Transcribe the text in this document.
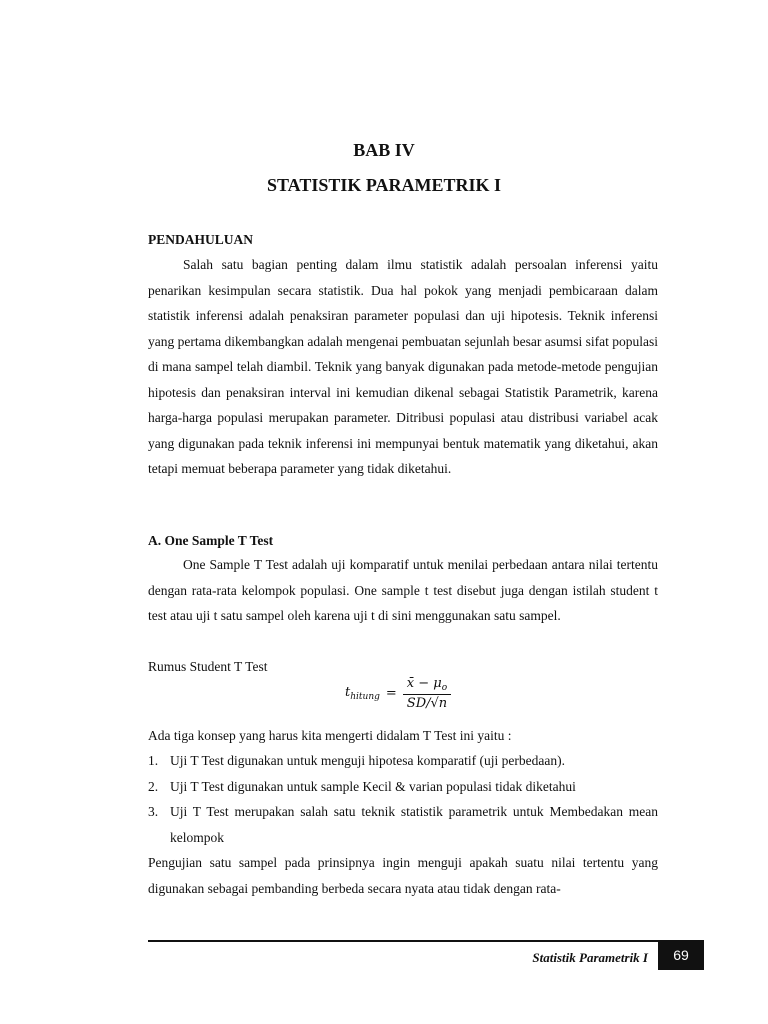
BAB IV
STATISTIK PARAMETRIK I
PENDAHULUAN

Salah satu bagian penting dalam ilmu statistik adalah persoalan inferensi yaitu penarikan kesimpulan secara statistik. Dua hal pokok yang menjadi pembicaraan dalam statistik inferensi adalah penaksiran parameter populasi dan uji hipotesis. Teknik inferensi yang pertama dikembangkan adalah mengenai pembuatan sejunlah besar asumsi sifat populasi di mana sampel telah diambil. Teknik yang banyak digunakan pada metode-metode pengujian hipotesis dan penaksiran interval ini kemudian dikenal sebagai Statistik Parametrik, karena harga-harga populasi merupakan parameter. Ditribusi populasi atau distribusi variabel acak yang digunakan pada teknik inferensi ini mempunyai bentuk matematik yang diketahui, akan tetapi memuat beberapa parameter yang tidak diketahui.

A. One Sample T Test

One Sample T Test adalah uji komparatif untuk menilai perbedaan antara nilai tertentu dengan rata-rata kelompok populasi. One sample t test disebut juga dengan istilah student t test atau uji t satu sampel oleh karena uji t di sini menggunakan satu sampel.

Rumus Student T Test
$t_{hitung} = \frac{x̄ - \mu_o}{SD/√n}$
Ada tiga konsep yang harus kita mengerti didalam T Test ini yaitu :
1. Uji T Test digunakan untuk menguji hipotesa komparatif (uji perbedaan).
2. Uji T Test digunakan untuk sample Kecil & varian populasi tidak diketahui
3. Uji T Test merupakan salah satu teknik statistik parametrik untuk Membedakan mean kelompok

Pengujian satu sampel pada prinsipnya ingin menguji apakah suatu nilai tertentu yang digunakan sebagai pembanding berbeda secara nyata atau tidak dengan rata-

Statistik Parametrik I	69
